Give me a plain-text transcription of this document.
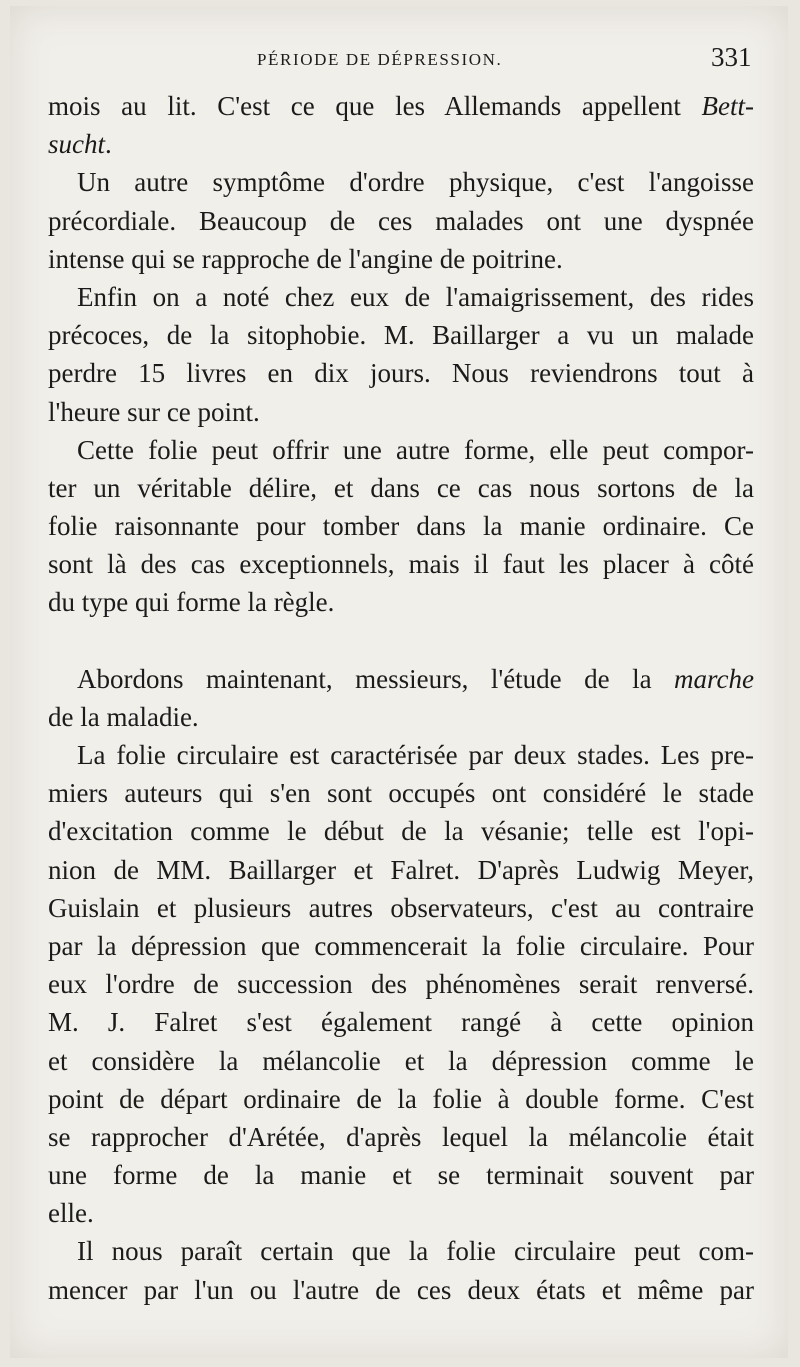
PÉRIODE DE DÉPRESSION.	331
mois au lit. C'est ce que les Allemands appellent Bett-
sucht.
Un autre symptôme d'ordre physique, c'est l'angoisse
précordiale. Beaucoup de ces malades ont une dyspnée
intense qui se rapproche de l'angine de poitrine.
Enfin on a noté chez eux de l'amaigrissement, des rides
précoces, de la sitophobie. M. Baillarger a vu un malade
perdre 15 livres en dix jours. Nous reviendrons tout à
l'heure sur ce point.
Cette folie peut offrir une autre forme, elle peut compor-
ter un véritable délire, et dans ce cas nous sortons de la
folie raisonnante pour tomber dans la manie ordinaire. Ce
sont là des cas exceptionnels, mais il faut les placer à côté
du type qui forme la règle.
Abordons maintenant, messieurs, l'étude de la marche
de la maladie.
La folie circulaire est caractérisée par deux stades. Les pre-
miers auteurs qui s'en sont occupés ont considéré le stade
d'excitation comme le début de la vésanie; telle est l'opi-
nion de MM. Baillarger et Falret. D'après Ludwig Meyer,
Guislain et plusieurs autres observateurs, c'est au contraire
par la dépression que commencerait la folie circulaire. Pour
eux l'ordre de succession des phénomènes serait renversé.
M. J. Falret s'est également rangé à cette opinion
et considère la mélancolie et la dépression comme le
point de départ ordinaire de la folie à double forme. C'est
se rapprocher d'Arétée, d'après lequel la mélancolie était
une forme de la manie et se terminait souvent par
elle.
Il nous paraît certain que la folie circulaire peut com-
mencer par l'un ou l'autre de ces deux états et même par
